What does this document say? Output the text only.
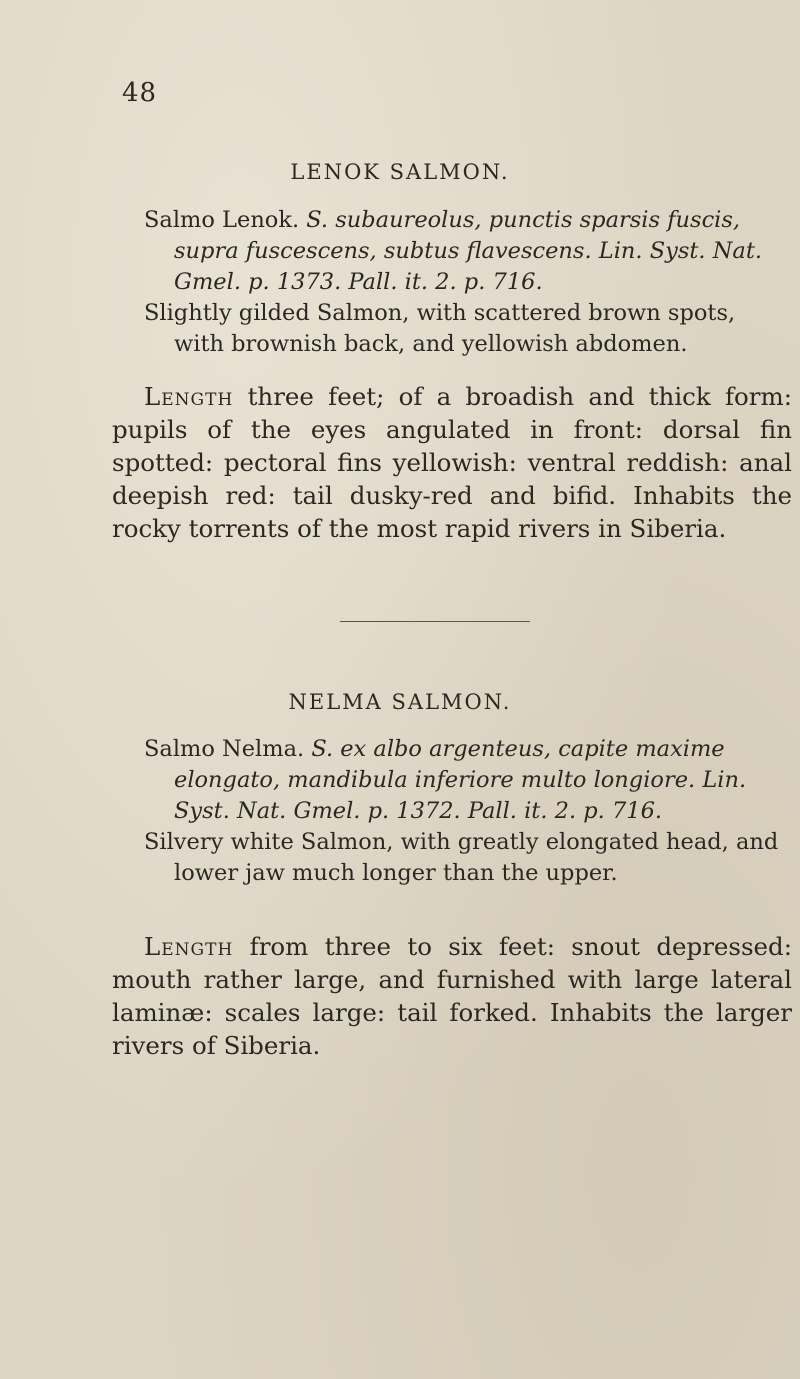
48
LENOK SALMON.

Salmo Lenok. S. subaureolus, punctis sparsis fuscis, supra fuscescens, subtus flavescens. Lin. Syst. Nat. Gmel. p. 1373. Pall. it. 2. p. 716.

Slightly gilded Salmon, with scattered brown spots, with brownish back, and yellowish abdomen.

Length three feet; of a broadish and thick form: pupils of the eyes angulated in front: dorsal fin spotted: pectoral fins yellowish: ventral reddish: anal deepish red: tail dusky-red and bifid. Inhabits the rocky torrents of the most rapid rivers in Siberia.

NELMA SALMON.

Salmo Nelma. S. ex albo argenteus, capite maxime elongato, mandibula inferiore multo longiore. Lin. Syst. Nat. Gmel. p. 1372. Pall. it. 2. p. 716.

Silvery white Salmon, with greatly elongated head, and lower jaw much longer than the upper.

Length from three to six feet: snout depressed: mouth rather large, and furnished with large lateral laminæ: scales large: tail forked. Inhabits the larger rivers of Siberia.
